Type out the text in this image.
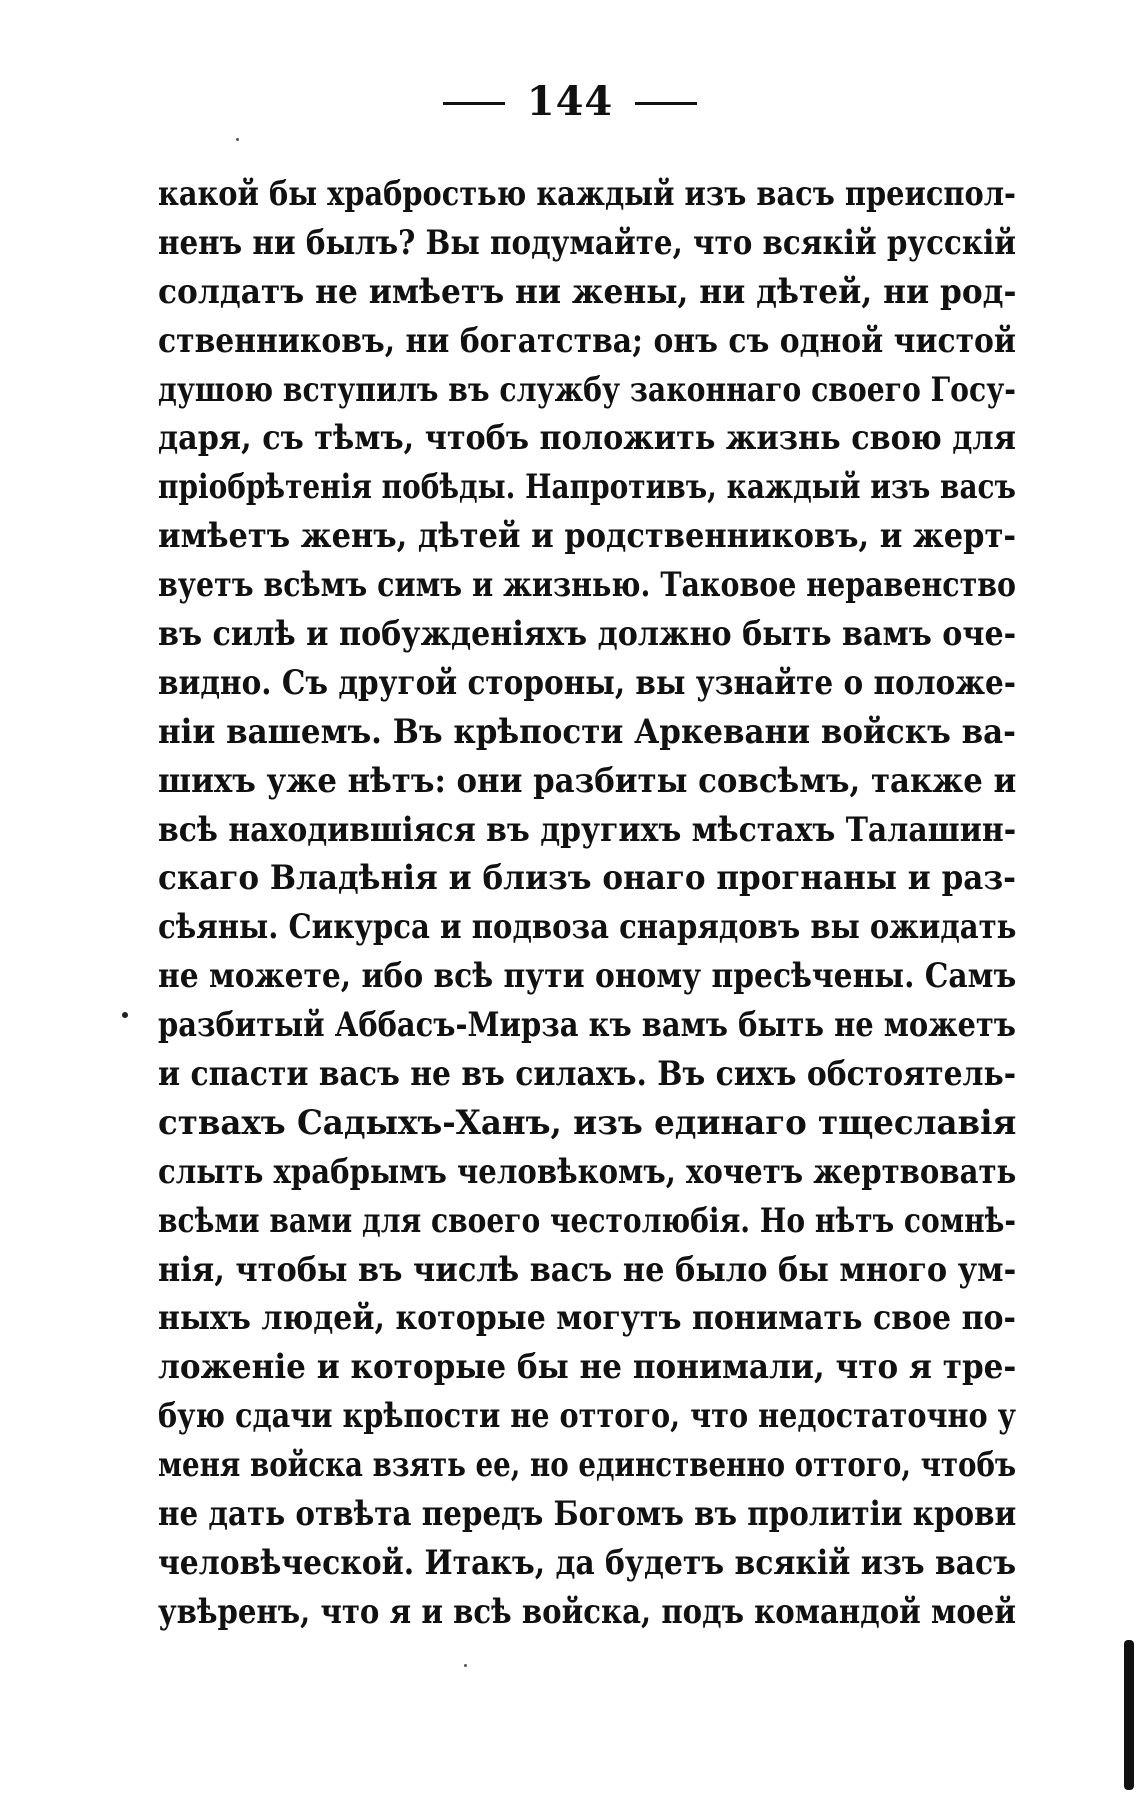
144
какой бы храбростью каждый изъ васъ преиспол-
ненъ ни былъ? Вы подумайте, что всякій русскій
солдатъ не имѣетъ ни жены, ни дѣтей, ни род-
ственниковъ, ни богатства; онъ съ одной чистой
душою вступилъ въ службу законнаго своего Госу-
даря, съ тѣмъ, чтобъ положить жизнь свою для
пріобрѣтенія побѣды. Напротивъ, каждый изъ васъ
имѣетъ женъ, дѣтей и родственниковъ, и жерт-
вуетъ всѣмъ симъ и жизнью. Таковое неравенство
въ силѣ и побужденіяхъ должно быть вамъ оче-
видно. Съ другой стороны, вы узнайте о положе-
ніи вашемъ. Въ крѣпости Аркевани войскъ ва-
шихъ уже нѣтъ: они разбиты совсѣмъ, также и
всѣ находившіяся въ другихъ мѣстахъ Талашин-
скаго Владѣнія и близъ онаго прогнаны и раз-
сѣяны. Сикурса и подвоза снарядовъ вы ожидать
не можете, ибо всѣ пути оному пресѣчены. Самъ
разбитый Аббасъ-Мирза къ вамъ быть не можетъ
и спасти васъ не въ силахъ. Въ сихъ обстоятель-
ствахъ Садыхъ-Ханъ, изъ единаго тщеславія
слыть храбрымъ человѣкомъ, хочетъ жертвовать
всѣми вами для своего честолюбія. Но нѣтъ сомнѣ-
нія, чтобы въ числѣ васъ не было бы много ум-
ныхъ людей, которые могутъ понимать свое по-
ложеніе и которые бы не понимали, что я тре-
бую сдачи крѣпости не оттого, что недостаточно у
меня войска взять ее, но единственно оттого, чтобъ
не дать отвѣта передъ Богомъ въ пролитіи крови
человѣческой. Итакъ, да будетъ всякій изъ васъ
увѣренъ, что я и всѣ войска, подъ командой моей
